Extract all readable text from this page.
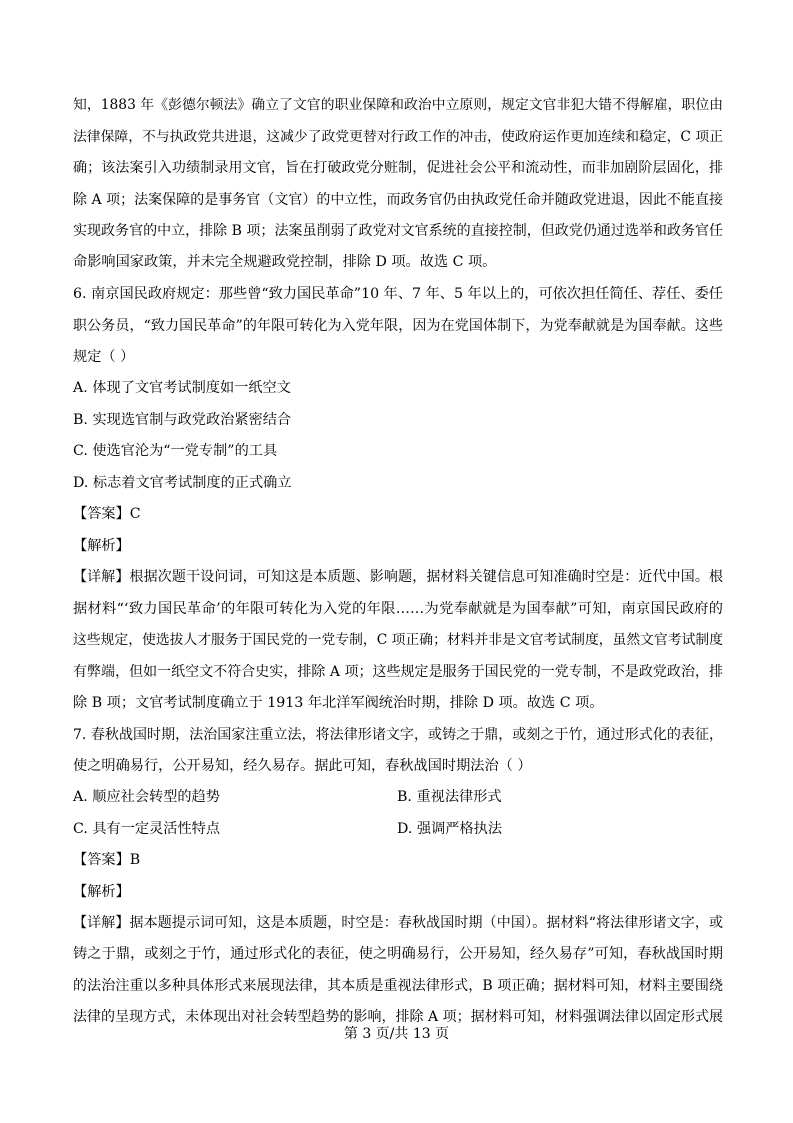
知，1883 年《彭德尔顿法》确立了文官的职业保障和政治中立原则，规定文官非犯大错不得解雇，职位由
法律保障，不与执政党共进退，这减少了政党更替对行政工作的冲击，使政府运作更加连续和稳定，C 项正
确；该法案引入功绩制录用文官，旨在打破政党分赃制，促进社会公平和流动性，而非加剧阶层固化，排
除 A 项；法案保障的是事务官（文官）的中立性，而政务官仍由执政党任命并随政党进退，因此不能直接
实现政务官的中立，排除 B 项；法案虽削弱了政党对文官系统的直接控制，但政党仍通过选举和政务官任
命影响国家政策，并未完全规避政党控制，排除 D 项。故选 C 项。
6. 南京国民政府规定：那些曾“致力国民革命”10 年、7 年、5 年以上的，可依次担任简任、荐任、委任
职公务员，“致力国民革命”的年限可转化为入党年限，因为在党国体制下，为党奉献就是为国奉献。这些
规定（ ）
A. 体现了文官考试制度如一纸空文
B. 实现选官制与政党政治紧密结合
C. 使选官沦为“一党专制”的工具
D. 标志着文官考试制度的正式确立
【答案】C
【解析】
【详解】根据次题干设问词，可知这是本质题、影响题，据材料关键信息可知准确时空是：近代中国。根
据材料“‘致力国民革命’的年限可转化为入党的年限……为党奉献就是为国奉献”可知，南京国民政府的
这些规定，使选拔人才服务于国民党的一党专制，C 项正确；材料并非是文官考试制度，虽然文官考试制度
有弊端，但如一纸空文不符合史实，排除 A 项；这些规定是服务于国民党的一党专制，不是政党政治，排
除 B 项；文官考试制度确立于 1913 年北洋军阀统治时期，排除 D 项。故选 C 项。
7. 春秋战国时期，法治国家注重立法，将法律形诸文字，或铸之于鼎，或刻之于竹，通过形式化的表征，
使之明确易行，公开易知，经久易存。据此可知，春秋战国时期法治（ ）
A. 顺应社会转型的趋势	B. 重视法律形式
C. 具有一定灵活性特点	D. 强调严格执法
【答案】B
【解析】
【详解】据本题提示词可知，这是本质题，时空是：春秋战国时期（中国）。据材料“将法律形诸文字，或
铸之于鼎，或刻之于竹，通过形式化的表征，使之明确易行，公开易知，经久易存”可知，春秋战国时期
的法治注重以多种具体形式来展现法律，其本质是重视法律形式，B 项正确；据材料可知，材料主要围绕
法律的呈现方式，未体现出对社会转型趋势的影响，排除 A 项；据材料可知，材料强调法律以固定形式展
第 3 页/共 13 页
